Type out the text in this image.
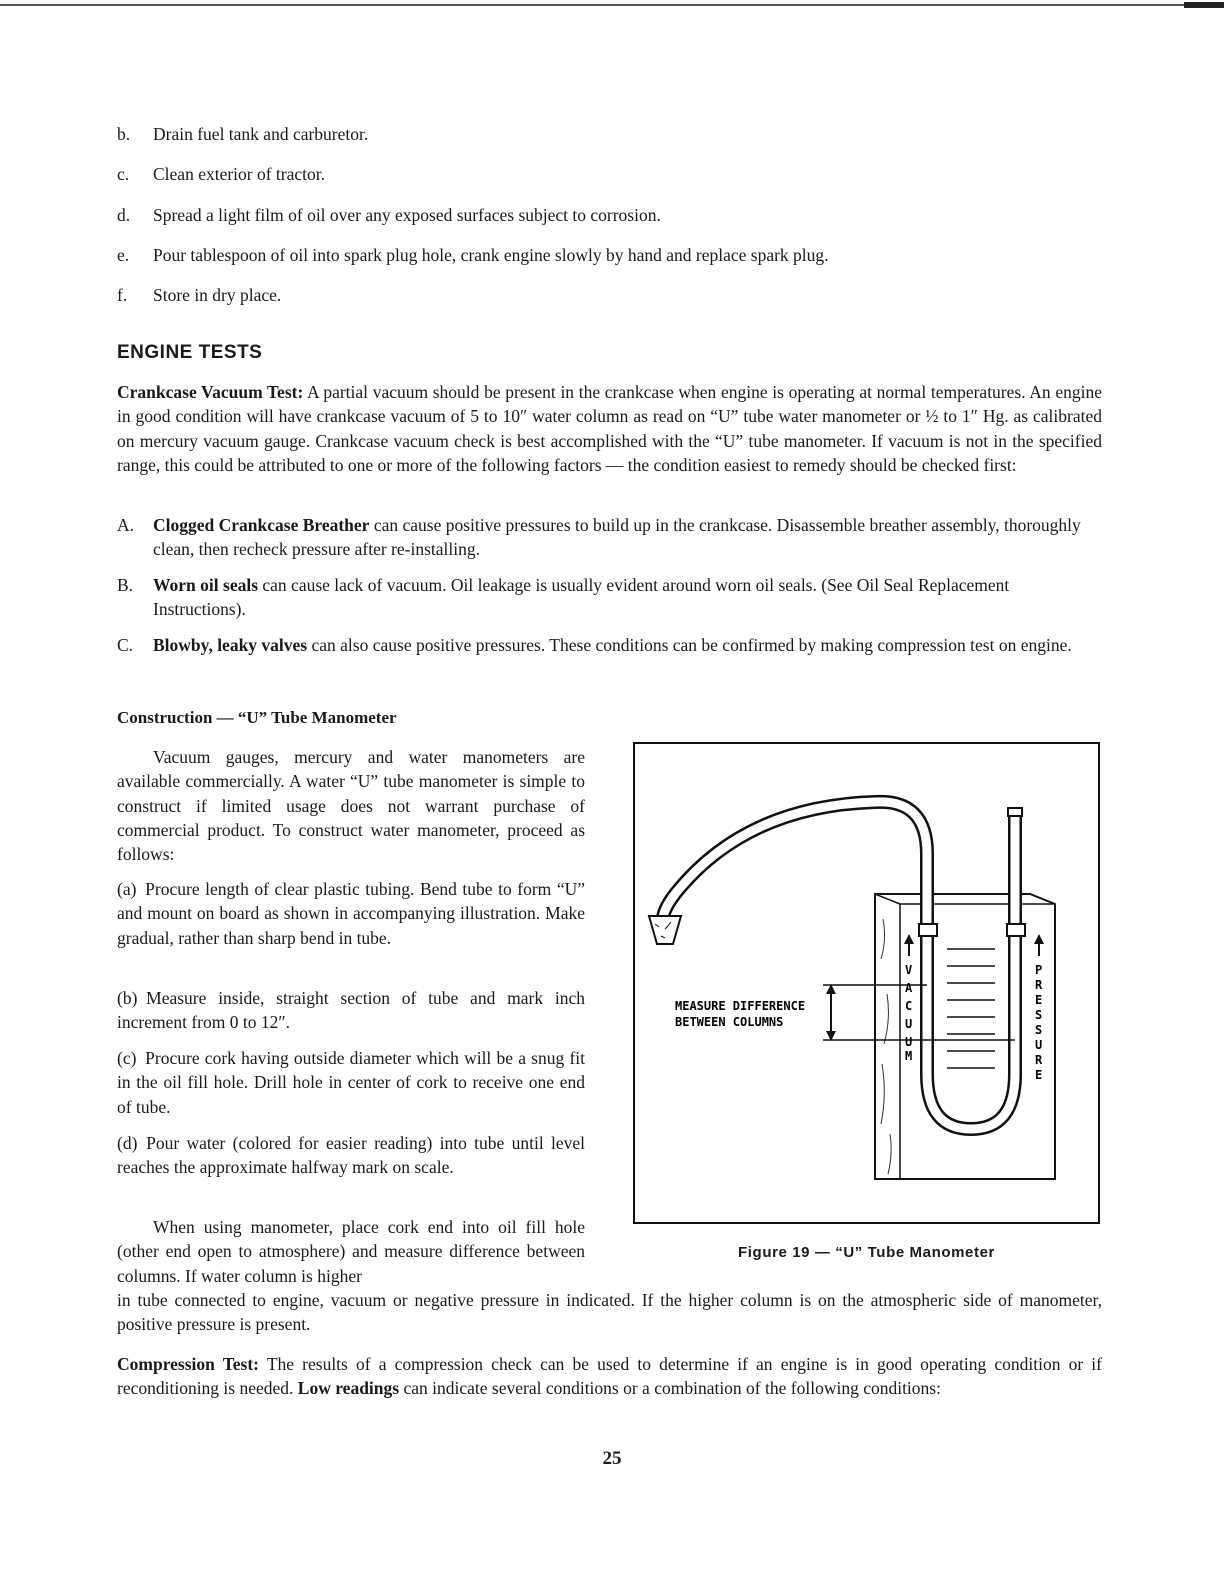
b. Drain fuel tank and carburetor.
c. Clean exterior of tractor.
d. Spread a light film of oil over any exposed surfaces subject to corrosion.
e. Pour tablespoon of oil into spark plug hole, crank engine slowly by hand and replace spark plug.
f. Store in dry place.
ENGINE TESTS
Crankcase Vacuum Test: A partial vacuum should be present in the crankcase when engine is operating at normal temperatures. An engine in good condition will have crankcase vacuum of 5 to 10″ water column as read on “U” tube water manometer or ½ to 1″ Hg. as calibrated on mercury vacuum gauge. Crankcase vacuum check is best accomplished with the “U” tube manometer. If vacuum is not in the specified range, this could be attributed to one or more of the following factors — the condition easiest to remedy should be checked first:
A. Clogged Crankcase Breather can cause positive pressures to build up in the crankcase. Disassemble breather assembly, thoroughly clean, then recheck pressure after re-installing.
B. Worn oil seals can cause lack of vacuum. Oil leakage is usually evident around worn oil seals. (See Oil Seal Replacement Instructions).
C. Blowby, leaky valves can also cause positive pressures. These conditions can be confirmed by making compression test on engine.
Construction — “U” Tube Manometer
Vacuum gauges, mercury and water manometers are available commercially. A water “U” tube manometer is simple to construct if limited usage does not warrant purchase of commercial product. To construct water manometer, proceed as follows:
(a) Procure length of clear plastic tubing. Bend tube to form “U” and mount on board as shown in accompanying illustration. Make gradual, rather than sharp bend in tube.
(b) Measure inside, straight section of tube and mark inch increment from 0 to 12″.
(c) Procure cork having outside diameter which will be a snug fit in the oil fill hole. Drill hole in center of cork to receive one end of tube.
(d) Pour water (colored for easier reading) into tube until level reaches the approximate halfway mark on scale.
When using manometer, place cork end into oil fill hole (other end open to atmosphere) and measure difference between columns. If water column is higher
in tube connected to engine, vacuum or negative pressure in indicated. If the higher column is on the atmospheric side of manometer, positive pressure is present.
V
A
C
U
U
M
P
R
E
S
S
U
R
E
MEASURE DIFFERENCE
BETWEEN COLUMNS
Figure 19 — “U” Tube Manometer
Compression Test: The results of a compression check can be used to determine if an engine is in good operating condition or if reconditioning is needed. Low readings can indicate several conditions or a combination of the following conditions:
25
